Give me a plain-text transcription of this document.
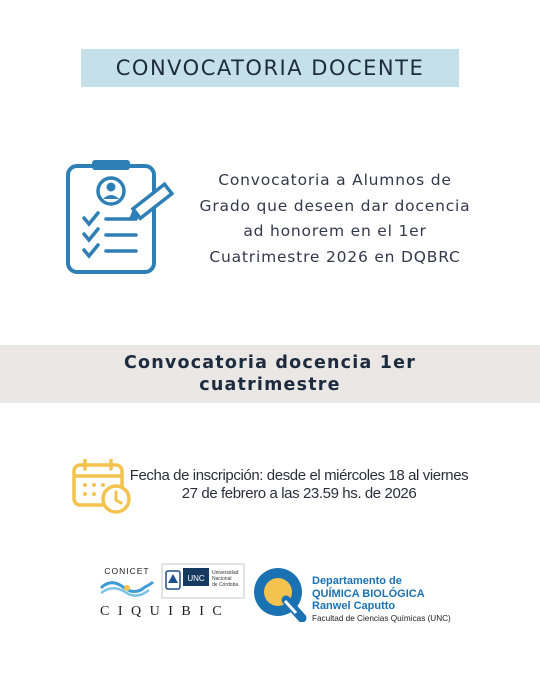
CONVOCATORIA DOCENTE
Convocatoria a Alumnos de Grado que deseen dar docencia ad honorem en el 1er Cuatrimestre 2026 en DQBRC
Convocatoria docencia 1er cuatrimestre
Fecha de inscripción: desde el miércoles 18 al viernes 27 de febrero a las 23.59 hs. de 2026
CONICET
UNC
Universidad
Nacional
de Córdoba
CIQUIBIC
Departamento de
QUÍMICA BIOLÓGICA
Ranwel Caputto
Facultad de Ciencias Químicas (UNC)
